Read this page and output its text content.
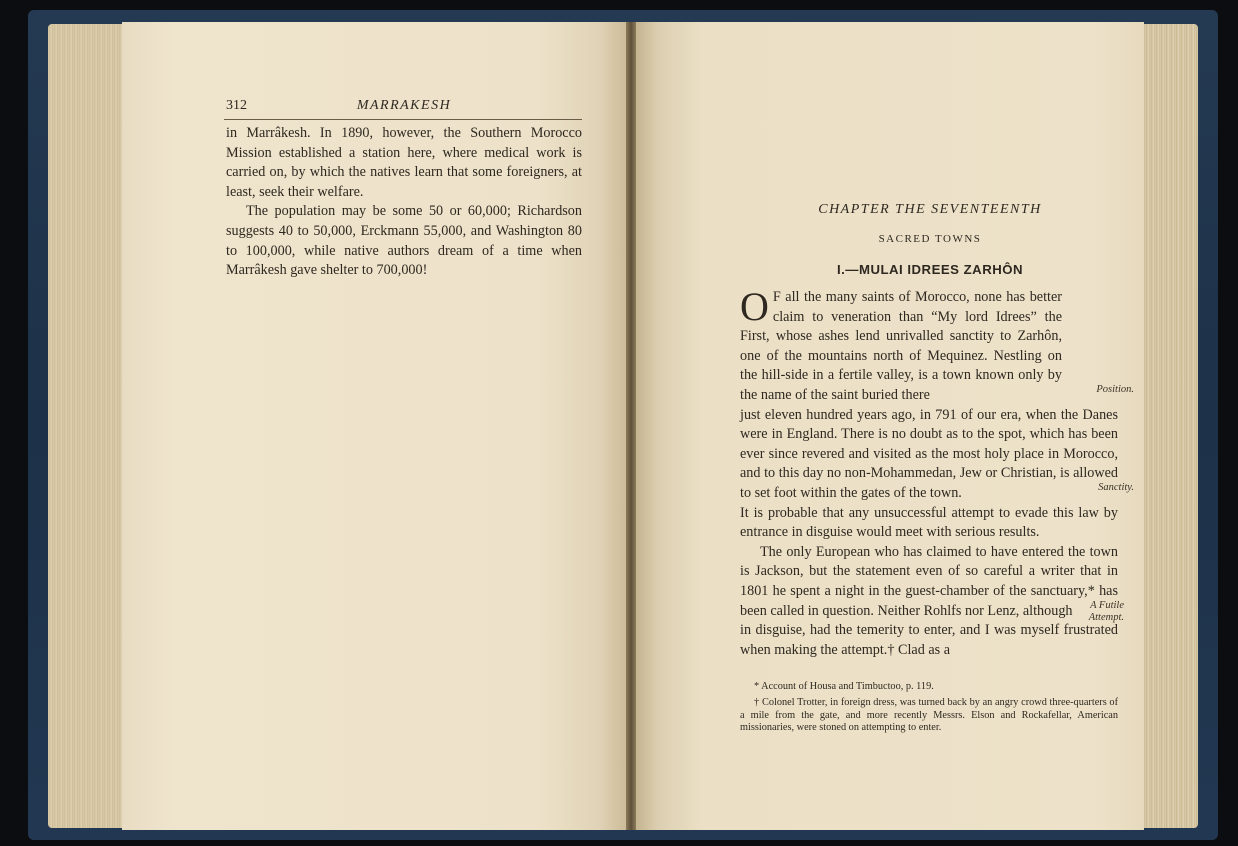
312	MARRAKESH

in Marrâkesh. In 1890, however, the Southern Morocco Mission established a station here, where medical work is carried on, by which the natives learn that some foreigners, at least, seek their welfare.

The population may be some 50 or 60,000; Richardson suggests 40 to 50,000, Erckmann 55,000, and Washington 80 to 100,000, while native authors dream of a time when Marrâkesh gave shelter to 700,000!

CHAPTER THE SEVENTEENTH
SACRED TOWNS
I.—MULAI IDREES ZARHÔN
O F all the many saints of Morocco, none has better claim to veneration than “My lord Idrees” the First, whose ashes lend unrivalled sanctity to Zarhôn, one of the mountains north of Mequinez. Nestling on the hill-side in a fertile valley, is a town known only by the name of the saint buried there
just eleven hundred years ago, in 791 of our era, when the Danes were in England. There is no doubt as to the spot, which has been ever since revered and visited as the most holy place in Morocco, and to this day no non-Mohammedan, Jew or Christian, is allowed to set foot within the gates of the town.
It is probable that any unsuccessful attempt to evade this law by entrance in disguise would meet with serious results.

The only European who has claimed to have entered the town is Jackson, but the statement even of so careful a writer that in 1801 he spent a night in the guest-chamber of the sanctuary,* has been called in question. Neither Rohlfs nor Lenz, although

in disguise, had the temerity to enter, and I was myself frustrated when making the attempt.† Clad as a
Position.
Sanctity.
A Futile Attempt.

* Account of Housa and Timbuctoo, p. 119.

† Colonel Trotter, in foreign dress, was turned back by an angry crowd three-quarters of a mile from the gate, and more recently Messrs. Elson and Rockafellar, American missionaries, were stoned on attempting to enter.
